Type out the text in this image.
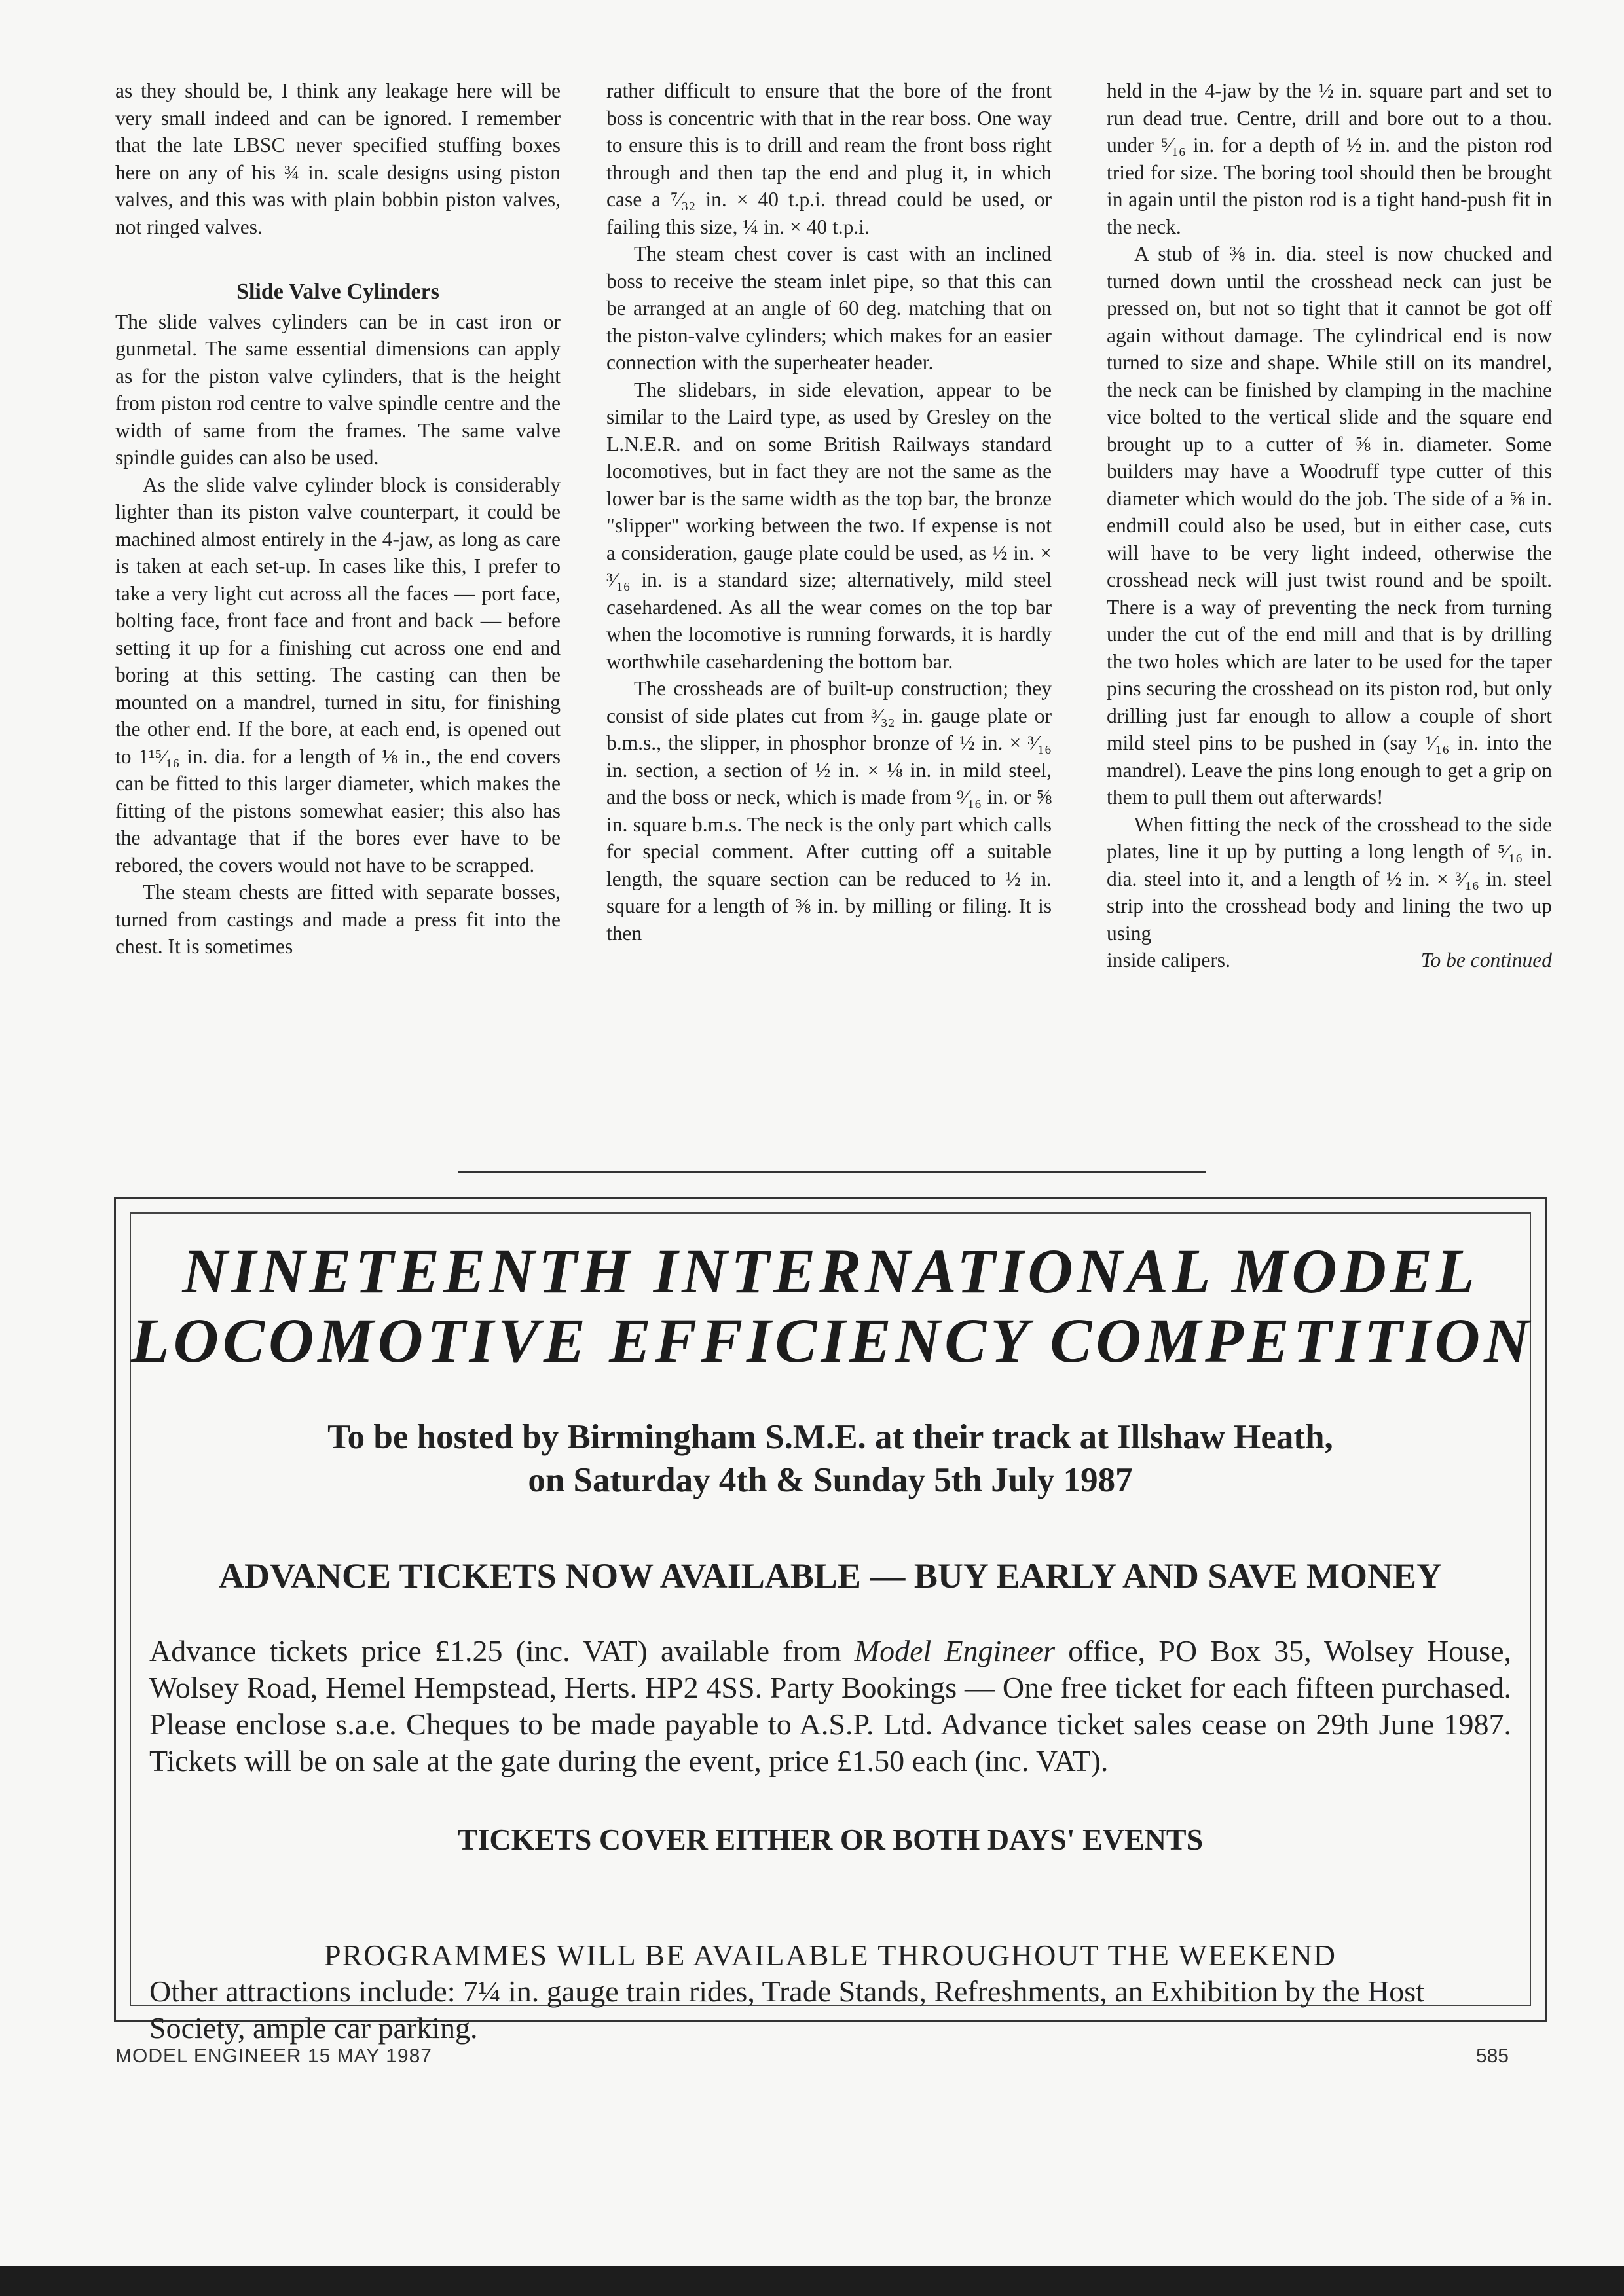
as they should be, I think any leakage here will be very small indeed and can be ignored. I remember that the late LBSC never specified stuffing boxes here on any of his ¾ in. scale designs using piston valves, and this was with plain bobbin piston valves, not ringed valves.

Slide Valve Cylinders

The slide valves cylinders can be in cast iron or gunmetal. The same essential dimensions can apply as for the piston valve cylinders, that is the height from piston rod centre to valve spindle centre and the width of same from the frames. The same valve spindle guides can also be used.

As the slide valve cylinder block is considerably lighter than its piston valve counterpart, it could be machined almost entirely in the 4-jaw, as long as care is taken at each set-up. In cases like this, I prefer to take a very light cut across all the faces — port face, bolting face, front face and front and back — before setting it up for a finishing cut across one end and boring at this setting. The casting can then be mounted on a mandrel, turned in situ, for finishing the other end. If the bore, at each end, is opened out to 1¹⁵⁄₁₆ in. dia. for a length of ⅛ in., the end covers can be fitted to this larger diameter, which makes the fitting of the pistons somewhat easier; this also has the advantage that if the bores ever have to be rebored, the covers would not have to be scrapped.

The steam chests are fitted with separate bosses, turned from castings and made a press fit into the chest. It is sometimes

rather difficult to ensure that the bore of the front boss is concentric with that in the rear boss. One way to ensure this is to drill and ream the front boss right through and then tap the end and plug it, in which case a ⁷⁄₃₂ in. × 40 t.p.i. thread could be used, or failing this size, ¼ in. × 40 t.p.i.

The steam chest cover is cast with an inclined boss to receive the steam inlet pipe, so that this can be arranged at an angle of 60 deg. matching that on the piston-valve cylinders; which makes for an easier connection with the superheater header.

The slidebars, in side elevation, appear to be similar to the Laird type, as used by Gresley on the L.N.E.R. and on some British Railways standard locomotives, but in fact they are not the same as the lower bar is the same width as the top bar, the bronze "slipper" working between the two. If expense is not a consideration, gauge plate could be used, as ½ in. × ³⁄₁₆ in. is a standard size; alternatively, mild steel casehardened. As all the wear comes on the top bar when the locomotive is running forwards, it is hardly worthwhile casehardening the bottom bar.

The crossheads are of built-up construction; they consist of side plates cut from ³⁄₃₂ in. gauge plate or b.m.s., the slipper, in phosphor bronze of ½ in. × ³⁄₁₆ in. section, a section of ½ in. × ⅛ in. in mild steel, and the boss or neck, which is made from ⁹⁄₁₆ in. or ⅝ in. square b.m.s. The neck is the only part which calls for special comment. After cutting off a suitable length, the square section can be reduced to ½ in. square for a length of ⅜ in. by milling or filing. It is then

held in the 4-jaw by the ½ in. square part and set to run dead true. Centre, drill and bore out to a thou. under ⁵⁄₁₆ in. for a depth of ½ in. and the piston rod tried for size. The boring tool should then be brought in again until the piston rod is a tight hand-push fit in the neck.

A stub of ⅜ in. dia. steel is now chucked and turned down until the crosshead neck can just be pressed on, but not so tight that it cannot be got off again without damage. The cylindrical end is now turned to size and shape. While still on its mandrel, the neck can be finished by clamping in the machine vice bolted to the vertical slide and the square end brought up to a cutter of ⅝ in. diameter. Some builders may have a Woodruff type cutter of this diameter which would do the job. The side of a ⅝ in. endmill could also be used, but in either case, cuts will have to be very light indeed, otherwise the crosshead neck will just twist round and be spoilt. There is a way of preventing the neck from turning under the cut of the end mill and that is by drilling the two holes which are later to be used for the taper pins securing the crosshead on its piston rod, but only drilling just far enough to allow a couple of short mild steel pins to be pushed in (say ¹⁄₁₆ in. into the mandrel). Leave the pins long enough to get a grip on them to pull them out afterwards!

When fitting the neck of the crosshead to the side plates, line it up by putting a long length of ⁵⁄₁₆ in. dia. steel into it, and a length of ½ in. × ³⁄₁₆ in. steel strip into the crosshead body and lining the two up using

inside calipers.	To be continued

NINETEENTH INTERNATIONAL MODEL
LOCOMOTIVE EFFICIENCY COMPETITION
To be hosted by Birmingham S.M.E. at their track at Illshaw Heath,
on Saturday 4th & Sunday 5th July 1987
ADVANCE TICKETS NOW AVAILABLE — BUY EARLY AND SAVE MONEY
Advance tickets price £1.25 (inc. VAT) available from Model Engineer office, PO Box 35, Wolsey House, Wolsey Road, Hemel Hempstead, Herts. HP2 4SS. Party Bookings — One free ticket for each fifteen purchased. Please enclose s.a.e. Cheques to be made payable to A.S.P. Ltd. Advance ticket sales cease on 29th June 1987. Tickets will be on sale at the gate during the event, price £1.50 each (inc. VAT).
TICKETS COVER EITHER OR BOTH DAYS' EVENTS
PROGRAMMES WILL BE AVAILABLE THROUGHOUT THE WEEKEND
Other attractions include: 7¼ in. gauge train rides, Trade Stands, Refreshments, an Exhibition by the Host Society, ample car parking.
MODEL ENGINEER 15 MAY 1987	585
